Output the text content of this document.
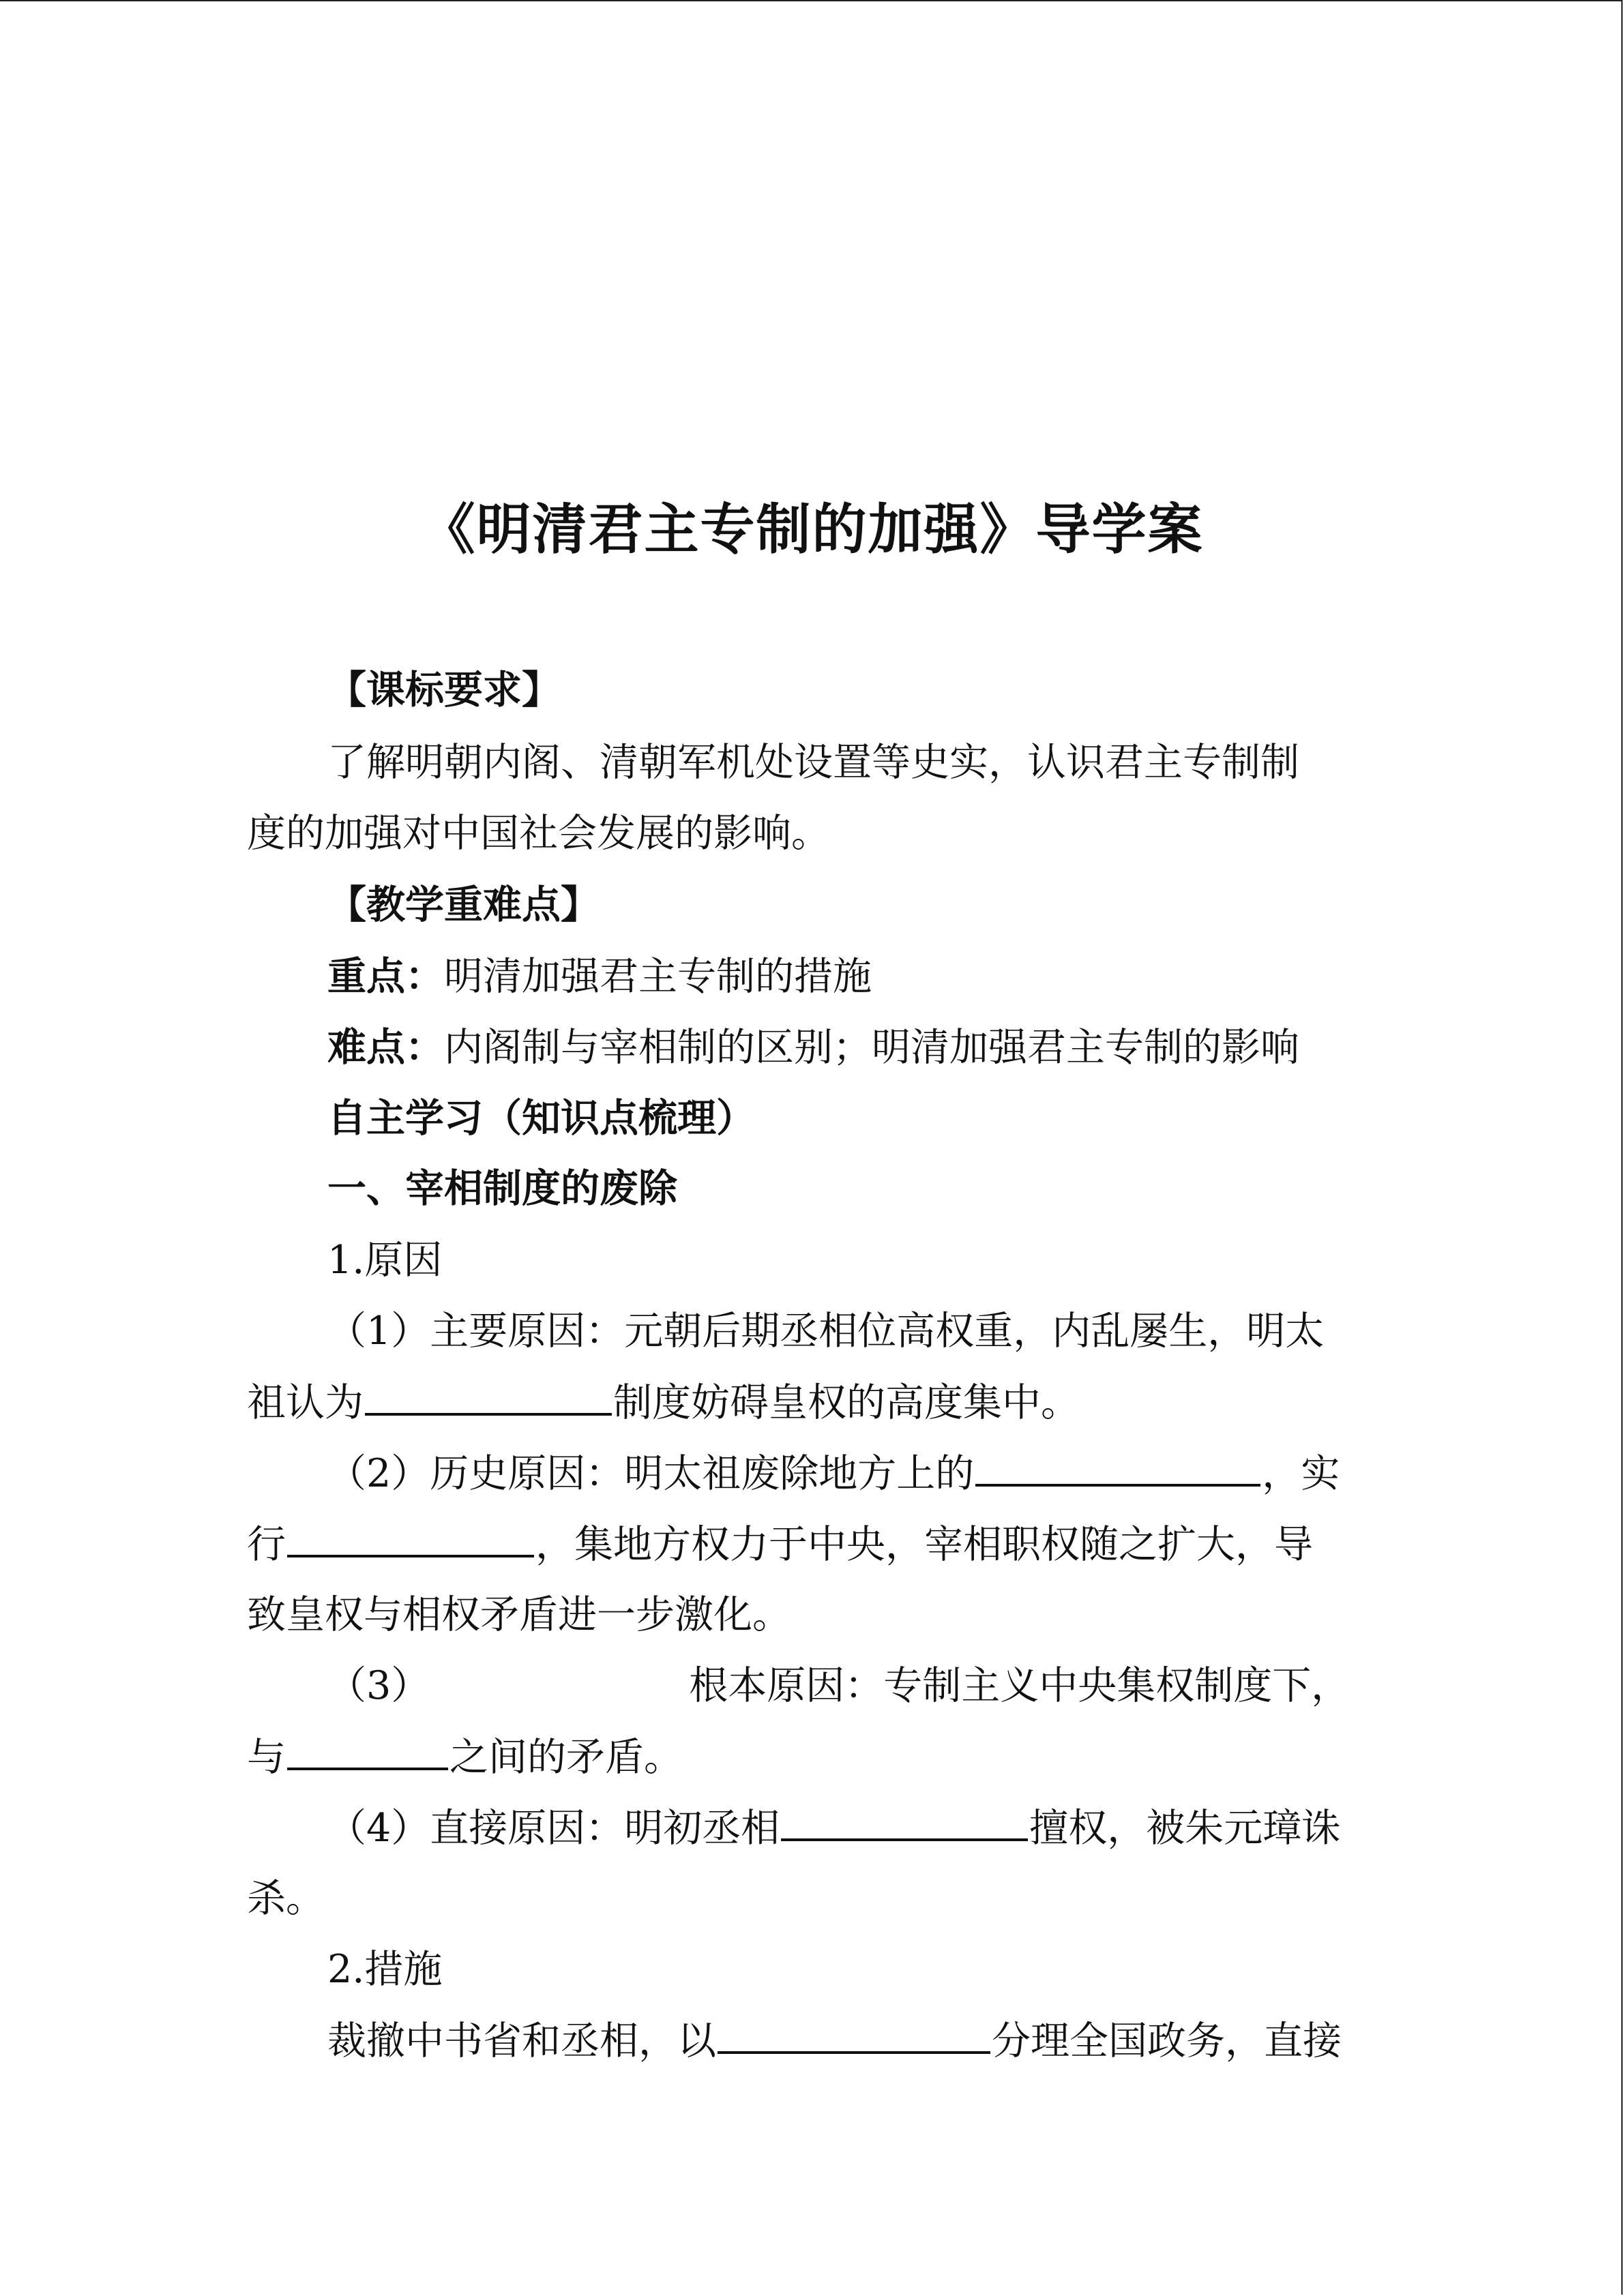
《明清君主专制的加强》导学案
【课标要求】
了解明朝内阁、清朝军机处设置等史实，认识君主专制制
度的加强对中国社会发展的影响。
【教学重难点】
重点：明清加强君主专制的措施
难点：内阁制与宰相制的区别；明清加强君主专制的影响
自主学习（知识点梳理）
一、宰相制度的废除
1.原因
（1）主要原因：元朝后期丞相位高权重，内乱屡生，明太
祖认为	制度妨碍皇权的高度集中。
（2）历史原因：明太祖废除地方上的	，实
行	，集地方权力于中央，宰相职权随之扩大，导
致皇权与相权矛盾进一步激化。
（3）	根本原因：专制主义中央集权制度下，
与	之间的矛盾。
（4）直接原因：明初丞相	擅权，被朱元璋诛
杀。
2.措施
裁撤中书省和丞相，以	分理全国政务，直接
